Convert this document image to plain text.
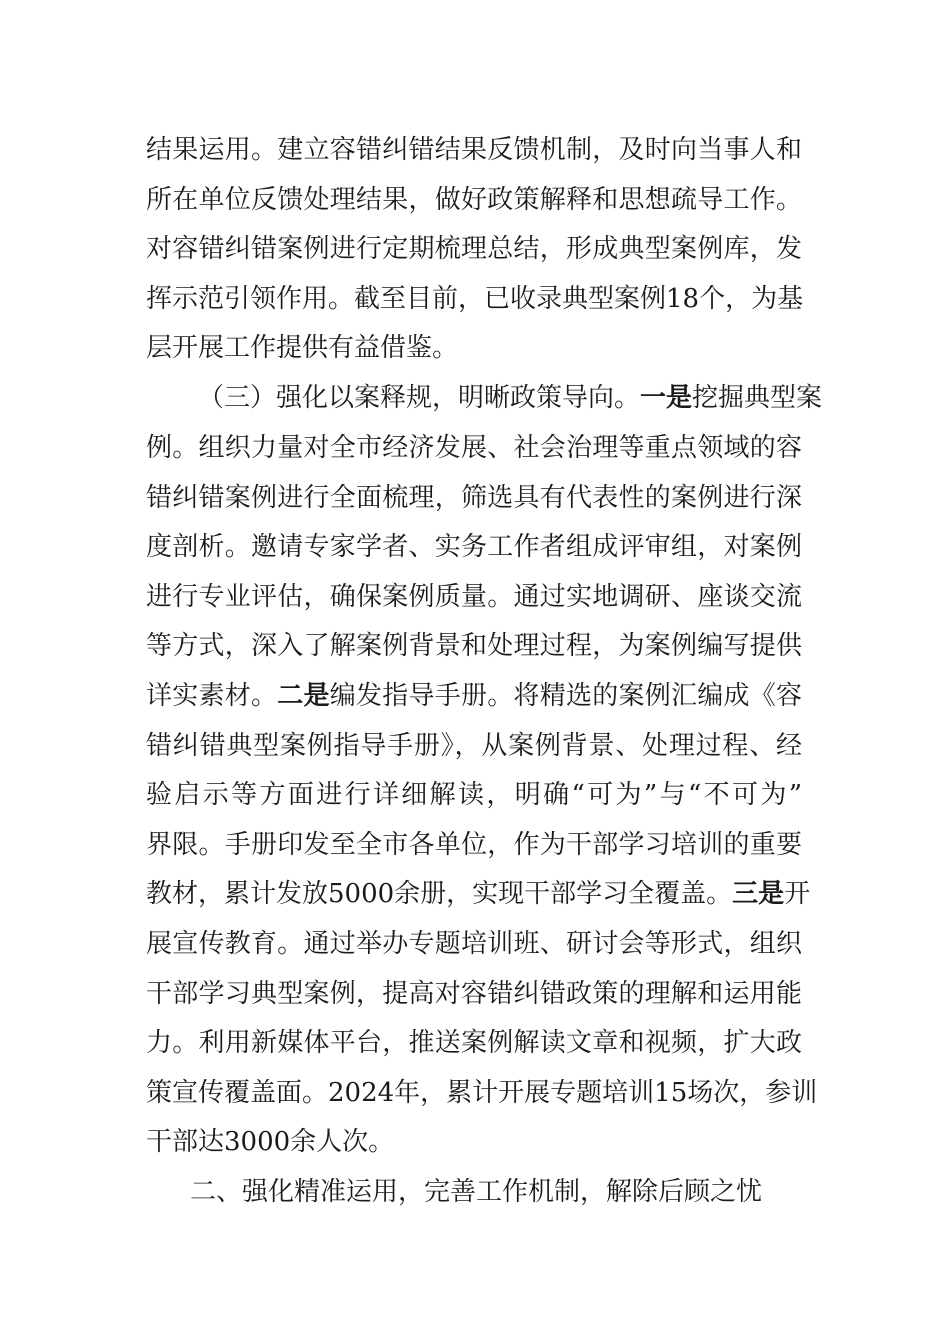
结果运用。建立容错纠错结果反馈机制，及时向当事人和
所在单位反馈处理结果，做好政策解释和思想疏导工作。
对容错纠错案例进行定期梳理总结，形成典型案例库，发
挥示范引领作用。截至目前，已收录典型案例18个，为基
层开展工作提供有益借鉴。
（三）强化以案释规，明晰政策导向。一是挖掘典型案
例。组织力量对全市经济发展、社会治理等重点领域的容
错纠错案例进行全面梳理，筛选具有代表性的案例进行深
度剖析。邀请专家学者、实务工作者组成评审组，对案例
进行专业评估，确保案例质量。通过实地调研、座谈交流
等方式，深入了解案例背景和处理过程，为案例编写提供
详实素材。二是编发指导手册。将精选的案例汇编成《容
错纠错典型案例指导手册》，从案例背景、处理过程、经
验启示等方面进行详细解读，明确“可为”与“不可为”
界限。手册印发至全市各单位，作为干部学习培训的重要
教材，累计发放5000余册，实现干部学习全覆盖。三是开
展宣传教育。通过举办专题培训班、研讨会等形式，组织
干部学习典型案例，提高对容错纠错政策的理解和运用能
力。利用新媒体平台，推送案例解读文章和视频，扩大政
策宣传覆盖面。2024年，累计开展专题培训15场次，参训
干部达3000余人次。
二、强化精准运用，完善工作机制，解除后顾之忧
